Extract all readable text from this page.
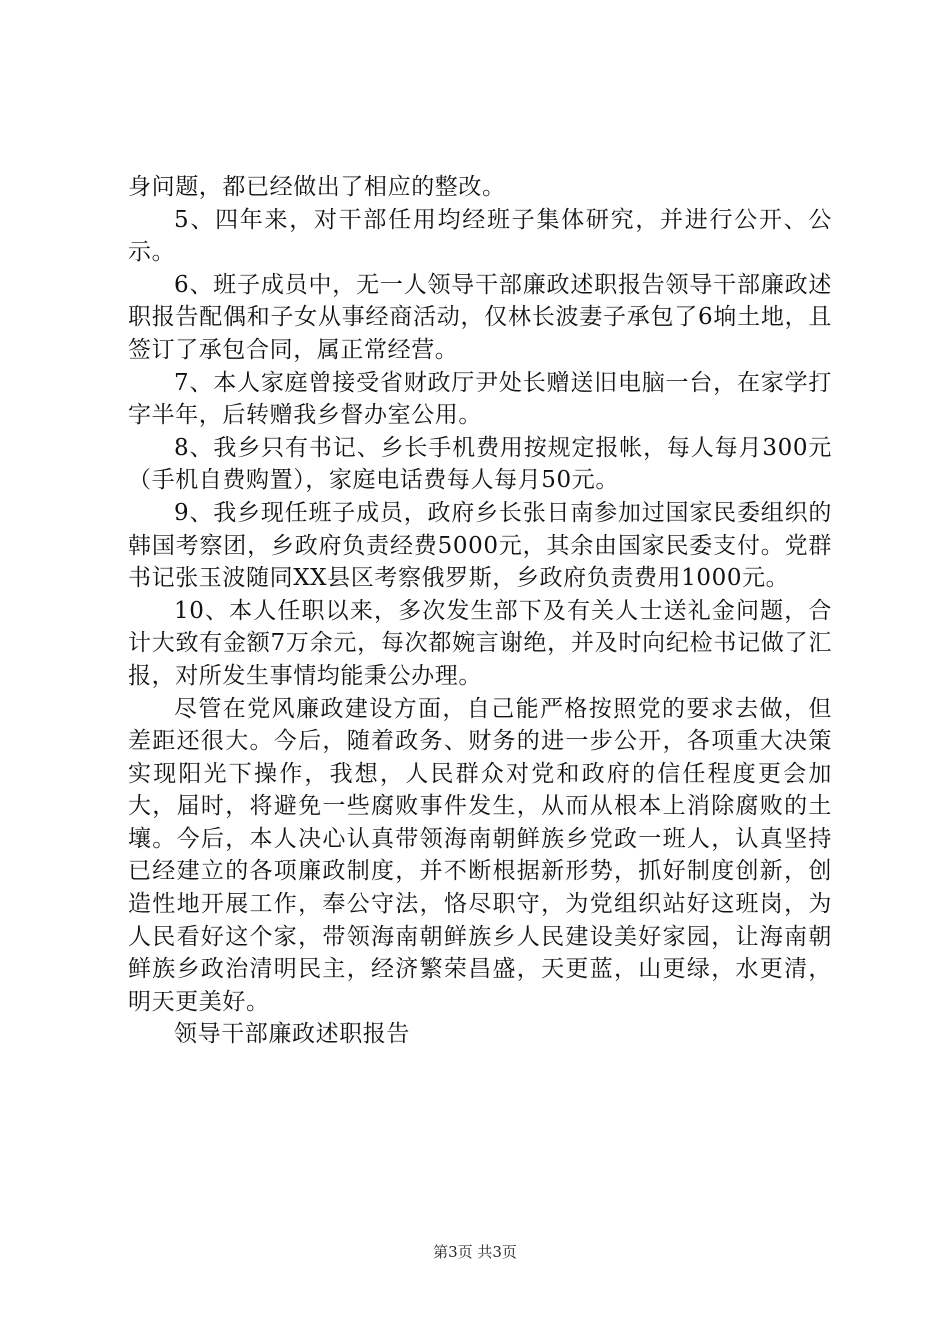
身问题，都已经做出了相应的整改。

5、四年来，对干部任用均经班子集体研究，并进行公开、公示。

6、班子成员中，无一人领导干部廉政述职报告领导干部廉政述职报告配偶和子女从事经商活动，仅林长波妻子承包了6垧土地，且签订了承包合同，属正常经营。

7、本人家庭曾接受省财政厅尹处长赠送旧电脑一台，在家学打字半年，后转赠我乡督办室公用。

8、我乡只有书记、乡长手机费用按规定报帐，每人每月300元（手机自费购置），家庭电话费每人每月50元。

9、我乡现任班子成员，政府乡长张日南参加过国家民委组织的韩国考察团，乡政府负责经费5000元，其余由国家民委支付。党群书记张玉波随同XX县区考察俄罗斯，乡政府负责费用1000元。

10、本人任职以来，多次发生部下及有关人士送礼金问题，合计大致有金额7万余元，每次都婉言谢绝，并及时向纪检书记做了汇报，对所发生事情均能秉公办理。

尽管在党风廉政建设方面，自己能严格按照党的要求去做，但差距还很大。今后，随着政务、财务的进一步公开，各项重大决策实现阳光下操作，我想，人民群众对党和政府的信任程度更会加大，届时，将避免一些腐败事件发生，从而从根本上消除腐败的土壤。今后，本人决心认真带领海南朝鲜族乡党政一班人，认真坚持已经建立的各项廉政制度，并不断根据新形势，抓好制度创新，创造性地开展工作，奉公守法，恪尽职守，为党组织站好这班岗，为人民看好这个家，带领海南朝鲜族乡人民建设美好家园，让海南朝鲜族乡政治清明民主，经济繁荣昌盛，天更蓝，山更绿，水更清，明天更美好。

领导干部廉政述职报告

第3页 共3页
